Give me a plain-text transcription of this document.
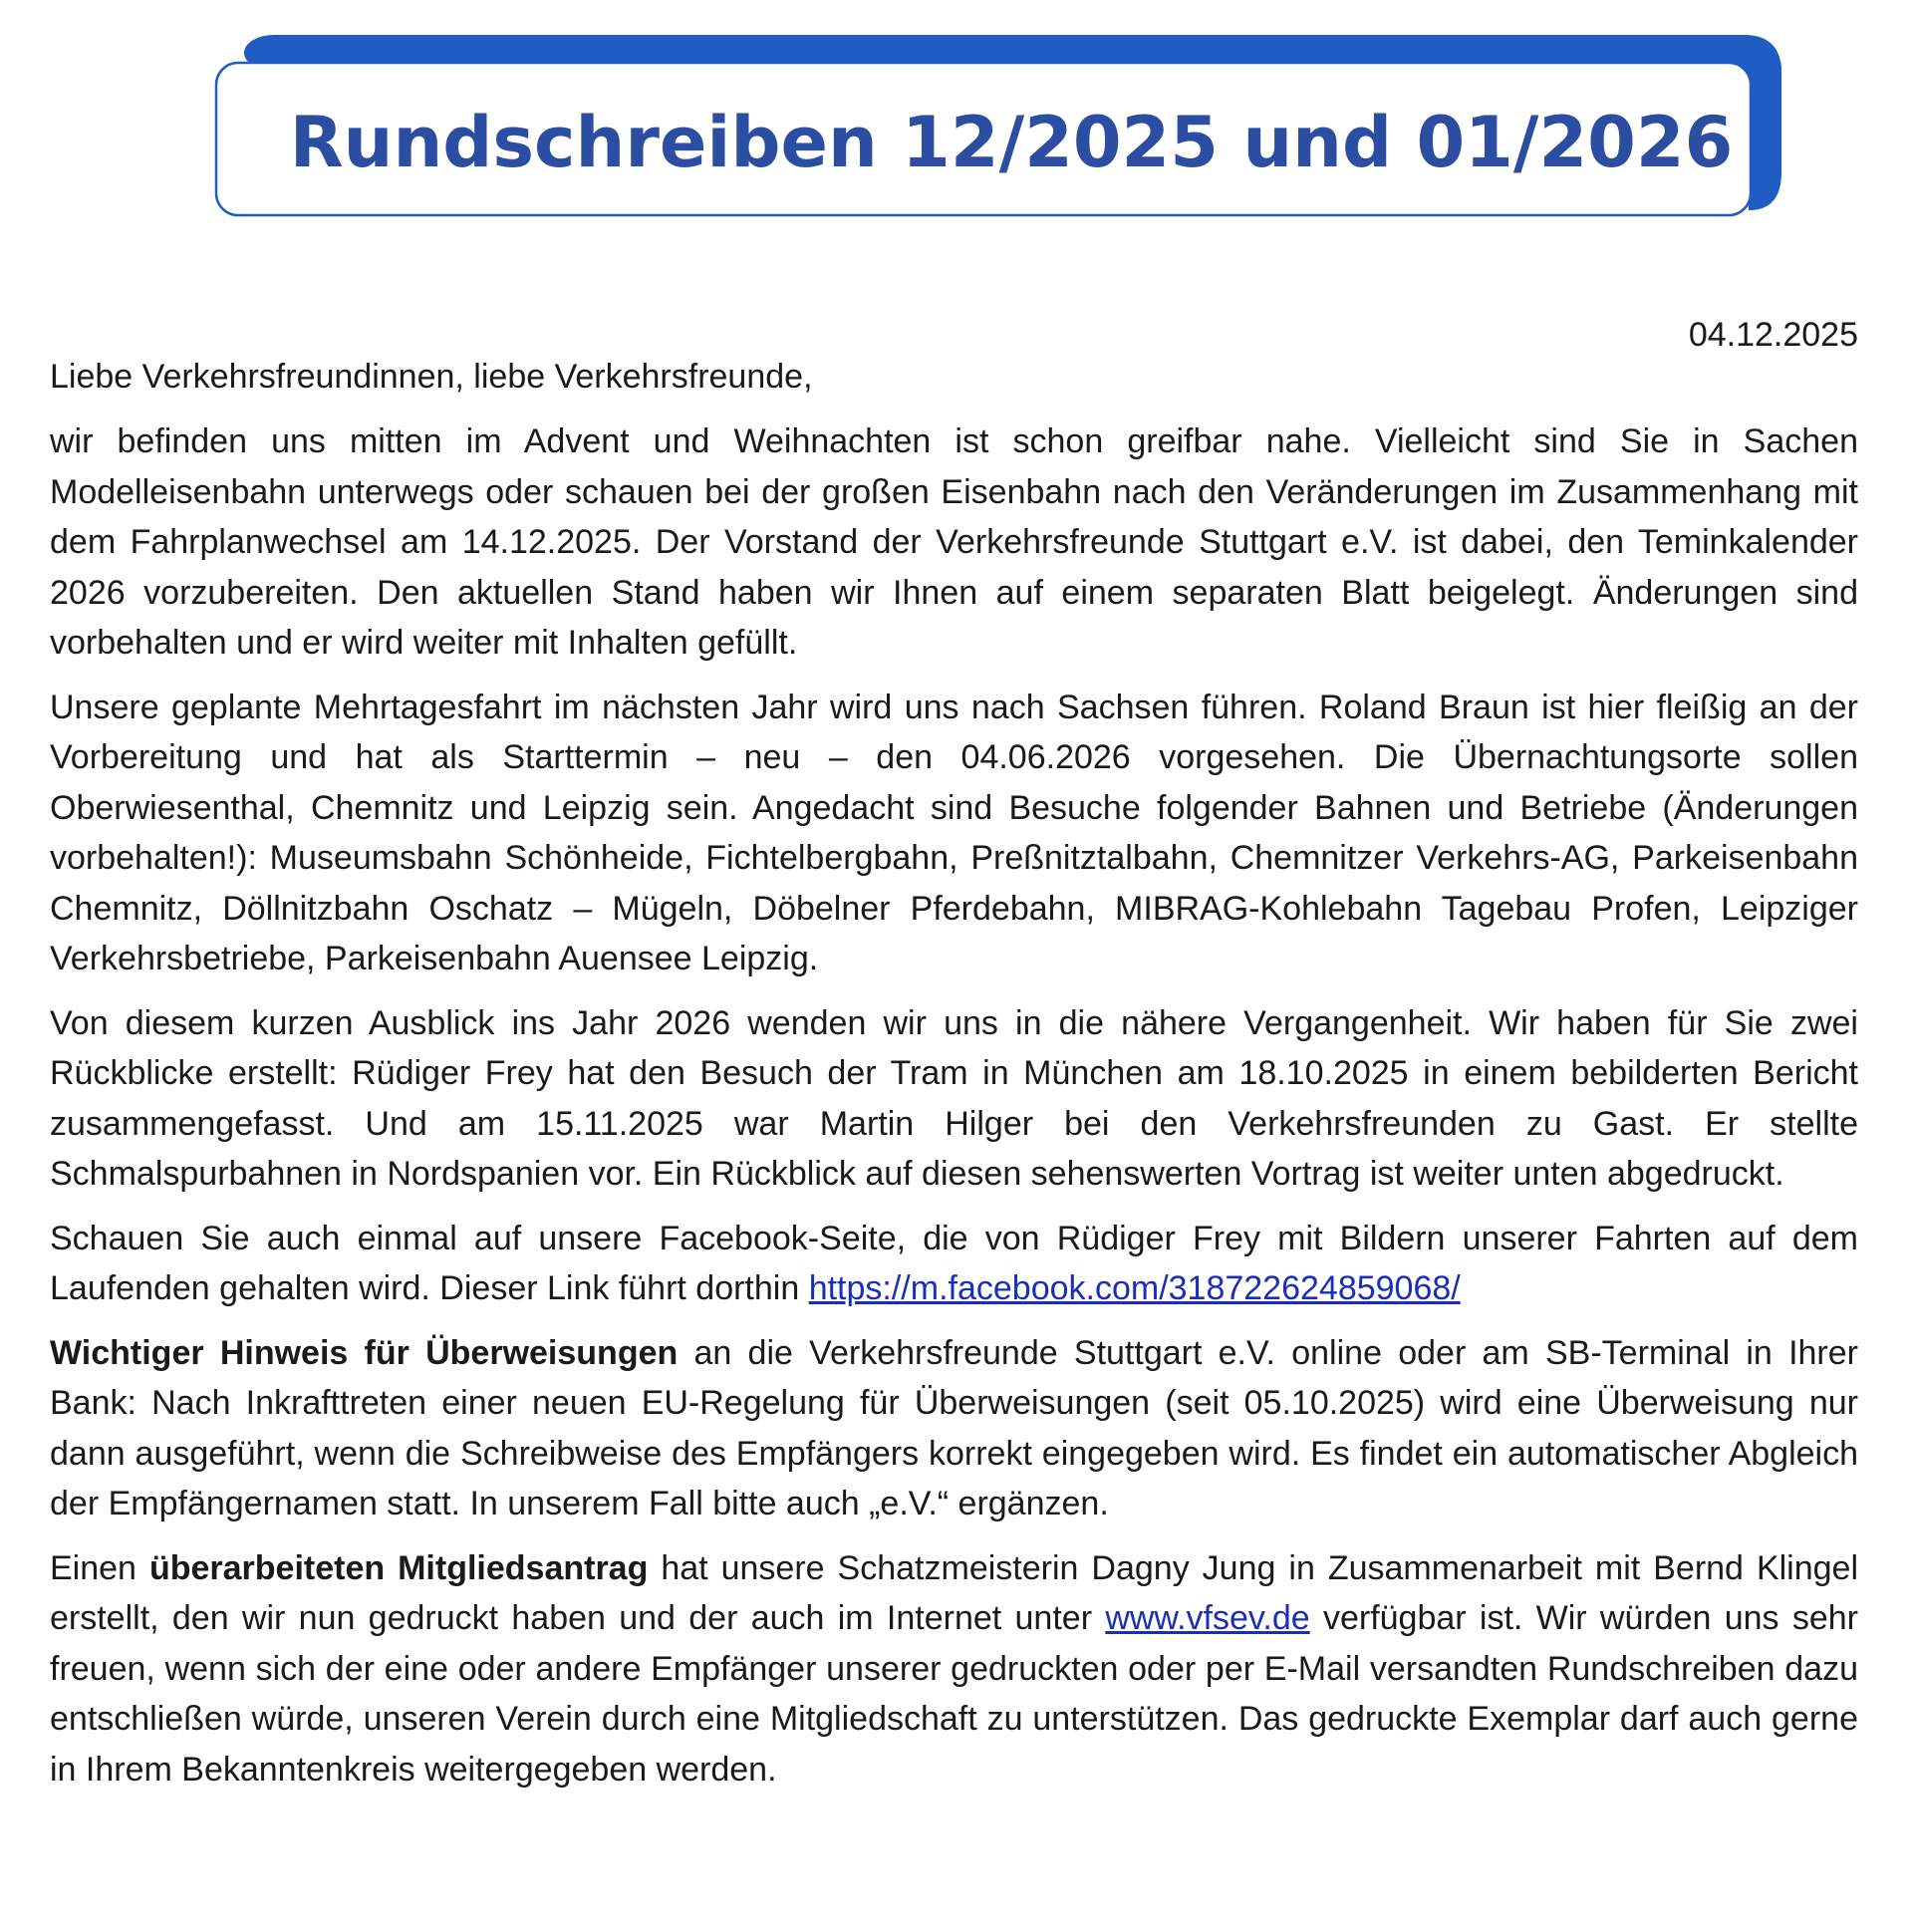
Rundschreiben 12/2025 und 01/2026

04.12.2025

Liebe Verkehrsfreundinnen, liebe Verkehrsfreunde,

wir befinden uns mitten im Advent und Weihnachten ist schon greifbar nahe. Vielleicht sind Sie in Sachen Modelleisenbahn unterwegs oder schauen bei der großen Eisenbahn nach den Veränderungen im Zusammenhang mit dem Fahrplanwechsel am 14.12.2025. Der Vorstand der Verkehrsfreunde Stuttgart e.V. ist dabei, den Teminkalender 2026 vorzubereiten. Den aktuellen Stand haben wir Ihnen auf einem separaten Blatt beigelegt. Änderungen sind vorbehalten und er wird weiter mit Inhalten gefüllt.

Unsere geplante Mehrtagesfahrt im nächsten Jahr wird uns nach Sachsen führen. Roland Braun ist hier fleißig an der Vorbereitung und hat als Starttermin – neu – den 04.06.2026 vorgesehen. Die Übernachtungsorte sollen Oberwiesenthal, Chemnitz und Leipzig sein. Angedacht sind Besuche folgender Bahnen und Betriebe (Änderungen vorbehalten!): Museumsbahn Schönheide, Fichtelbergbahn, Preßnitztalbahn, Chemnitzer Verkehrs-AG, Parkeisenbahn Chemnitz, Döllnitzbahn Oschatz – Mügeln, Döbelner Pferdebahn, MIBRAG-Kohlebahn Tagebau Profen, Leipziger Verkehrsbetriebe, Parkeisenbahn Auensee Leipzig.

Von diesem kurzen Ausblick ins Jahr 2026 wenden wir uns in die nähere Vergangenheit. Wir haben für Sie zwei Rückblicke erstellt: Rüdiger Frey hat den Besuch der Tram in München am 18.10.2025 in einem bebilderten Bericht zusammengefasst. Und am 15.11.2025 war Martin Hilger bei den Verkehrsfreunden zu Gast. Er stellte Schmalspurbahnen in Nordspanien vor. Ein Rückblick auf diesen sehenswerten Vortrag ist weiter unten abgedruckt.

Schauen Sie auch einmal auf unsere Facebook-Seite, die von Rüdiger Frey mit Bildern unserer Fahrten auf dem Laufenden gehalten wird. Dieser Link führt dorthin https://m.facebook.com/318722624859068/

Wichtiger Hinweis für Überweisungen an die Verkehrsfreunde Stuttgart e.V. online oder am SB-Terminal in Ihrer Bank: Nach Inkrafttreten einer neuen EU-Regelung für Überweisungen (seit 05.10.2025) wird eine Überweisung nur dann ausgeführt, wenn die Schreibweise des Empfängers korrekt eingegeben wird. Es findet ein automatischer Abgleich der Empfängernamen statt. In unserem Fall bitte auch „e.V.“ ergänzen.

Einen überarbeiteten Mitgliedsantrag hat unsere Schatzmeisterin Dagny Jung in Zusammenarbeit mit Bernd Klingel erstellt, den wir nun gedruckt haben und der auch im Internet unter www.vfsev.de verfügbar ist. Wir würden uns sehr freuen, wenn sich der eine oder andere Empfänger unserer gedruckten oder per E-Mail versandten Rundschreiben dazu entschließen würde, unseren Verein durch eine Mitgliedschaft zu unterstützen. Das gedruckte Exemplar darf auch gerne in Ihrem Bekanntenkreis weitergegeben werden.
